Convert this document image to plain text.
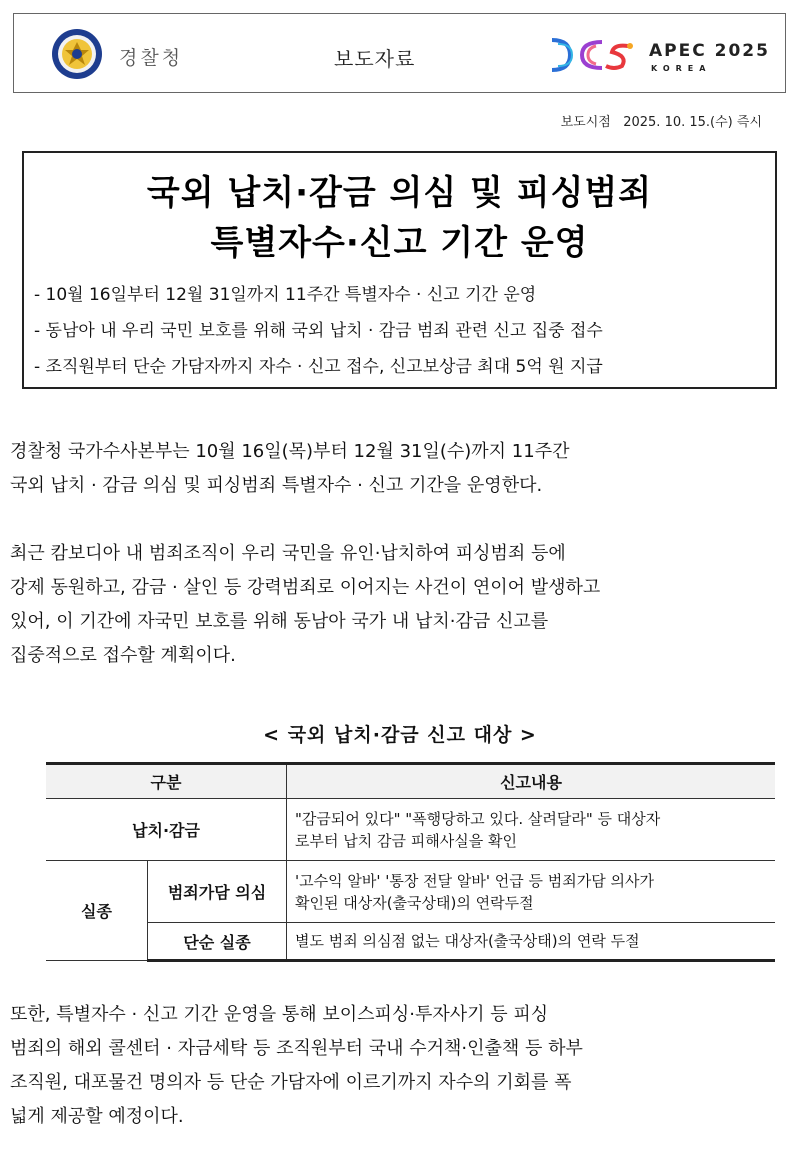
경찰청	보도자료	APEC 2025
KOREA
보도시점 2025. 10. 15.(수) 즉시
국외 납치·감금 의심 및 피싱범죄
특별자수·신고 기간 운영
- 10월 16일부터 12월 31일까지 11주간 특별자수 · 신고 기간 운영
- 동남아 내 우리 국민 보호를 위해 국외 납치 · 감금 범죄 관련 신고 집중 접수
- 조직원부터 단순 가담자까지 자수 · 신고 접수, 신고보상금 최대 5억 원 지급
경찰청 국가수사본부는 10월 16일(목)부터 12월 31일(수)까지 11주간
국외 납치 · 감금 의심 및 피싱범죄 특별자수 · 신고 기간을 운영한다.
최근 캄보디아 내 범죄조직이 우리 국민을 유인·납치하여 피싱범죄 등에
강제 동원하고, 감금 · 살인 등 강력범죄로 이어지는 사건이 연이어 발생하고
있어, 이 기간에 자국민 보호를 위해 동남아 국가 내 납치·감금 신고를
집중적으로 접수할 계획이다.
< 국외 납치·감금 신고 대상 >
구분		신고내용
납치·감금		"감금되어 있다" "폭행당하고 있다. 살려달라" 등 대상자
로부터 납치 감금 피해사실을 확인

실종	범죄가담 의심	'고수익 알바' '통장 전달 알바' 언급 등 범죄가담 의사가
확인된 대상자(출국상태)의 연락두절

	단순 실종	별도 범죄 의심점 없는 대상자(출국상태)의 연락 두절
또한, 특별자수 · 신고 기간 운영을 통해 보이스피싱·투자사기 등 피싱
범죄의 해외 콜센터 · 자금세탁 등 조직원부터 국내 수거책·인출책 등 하부
조직원, 대포물건 명의자 등 단순 가담자에 이르기까지 자수의 기회를 폭
넓게 제공할 예정이다.
